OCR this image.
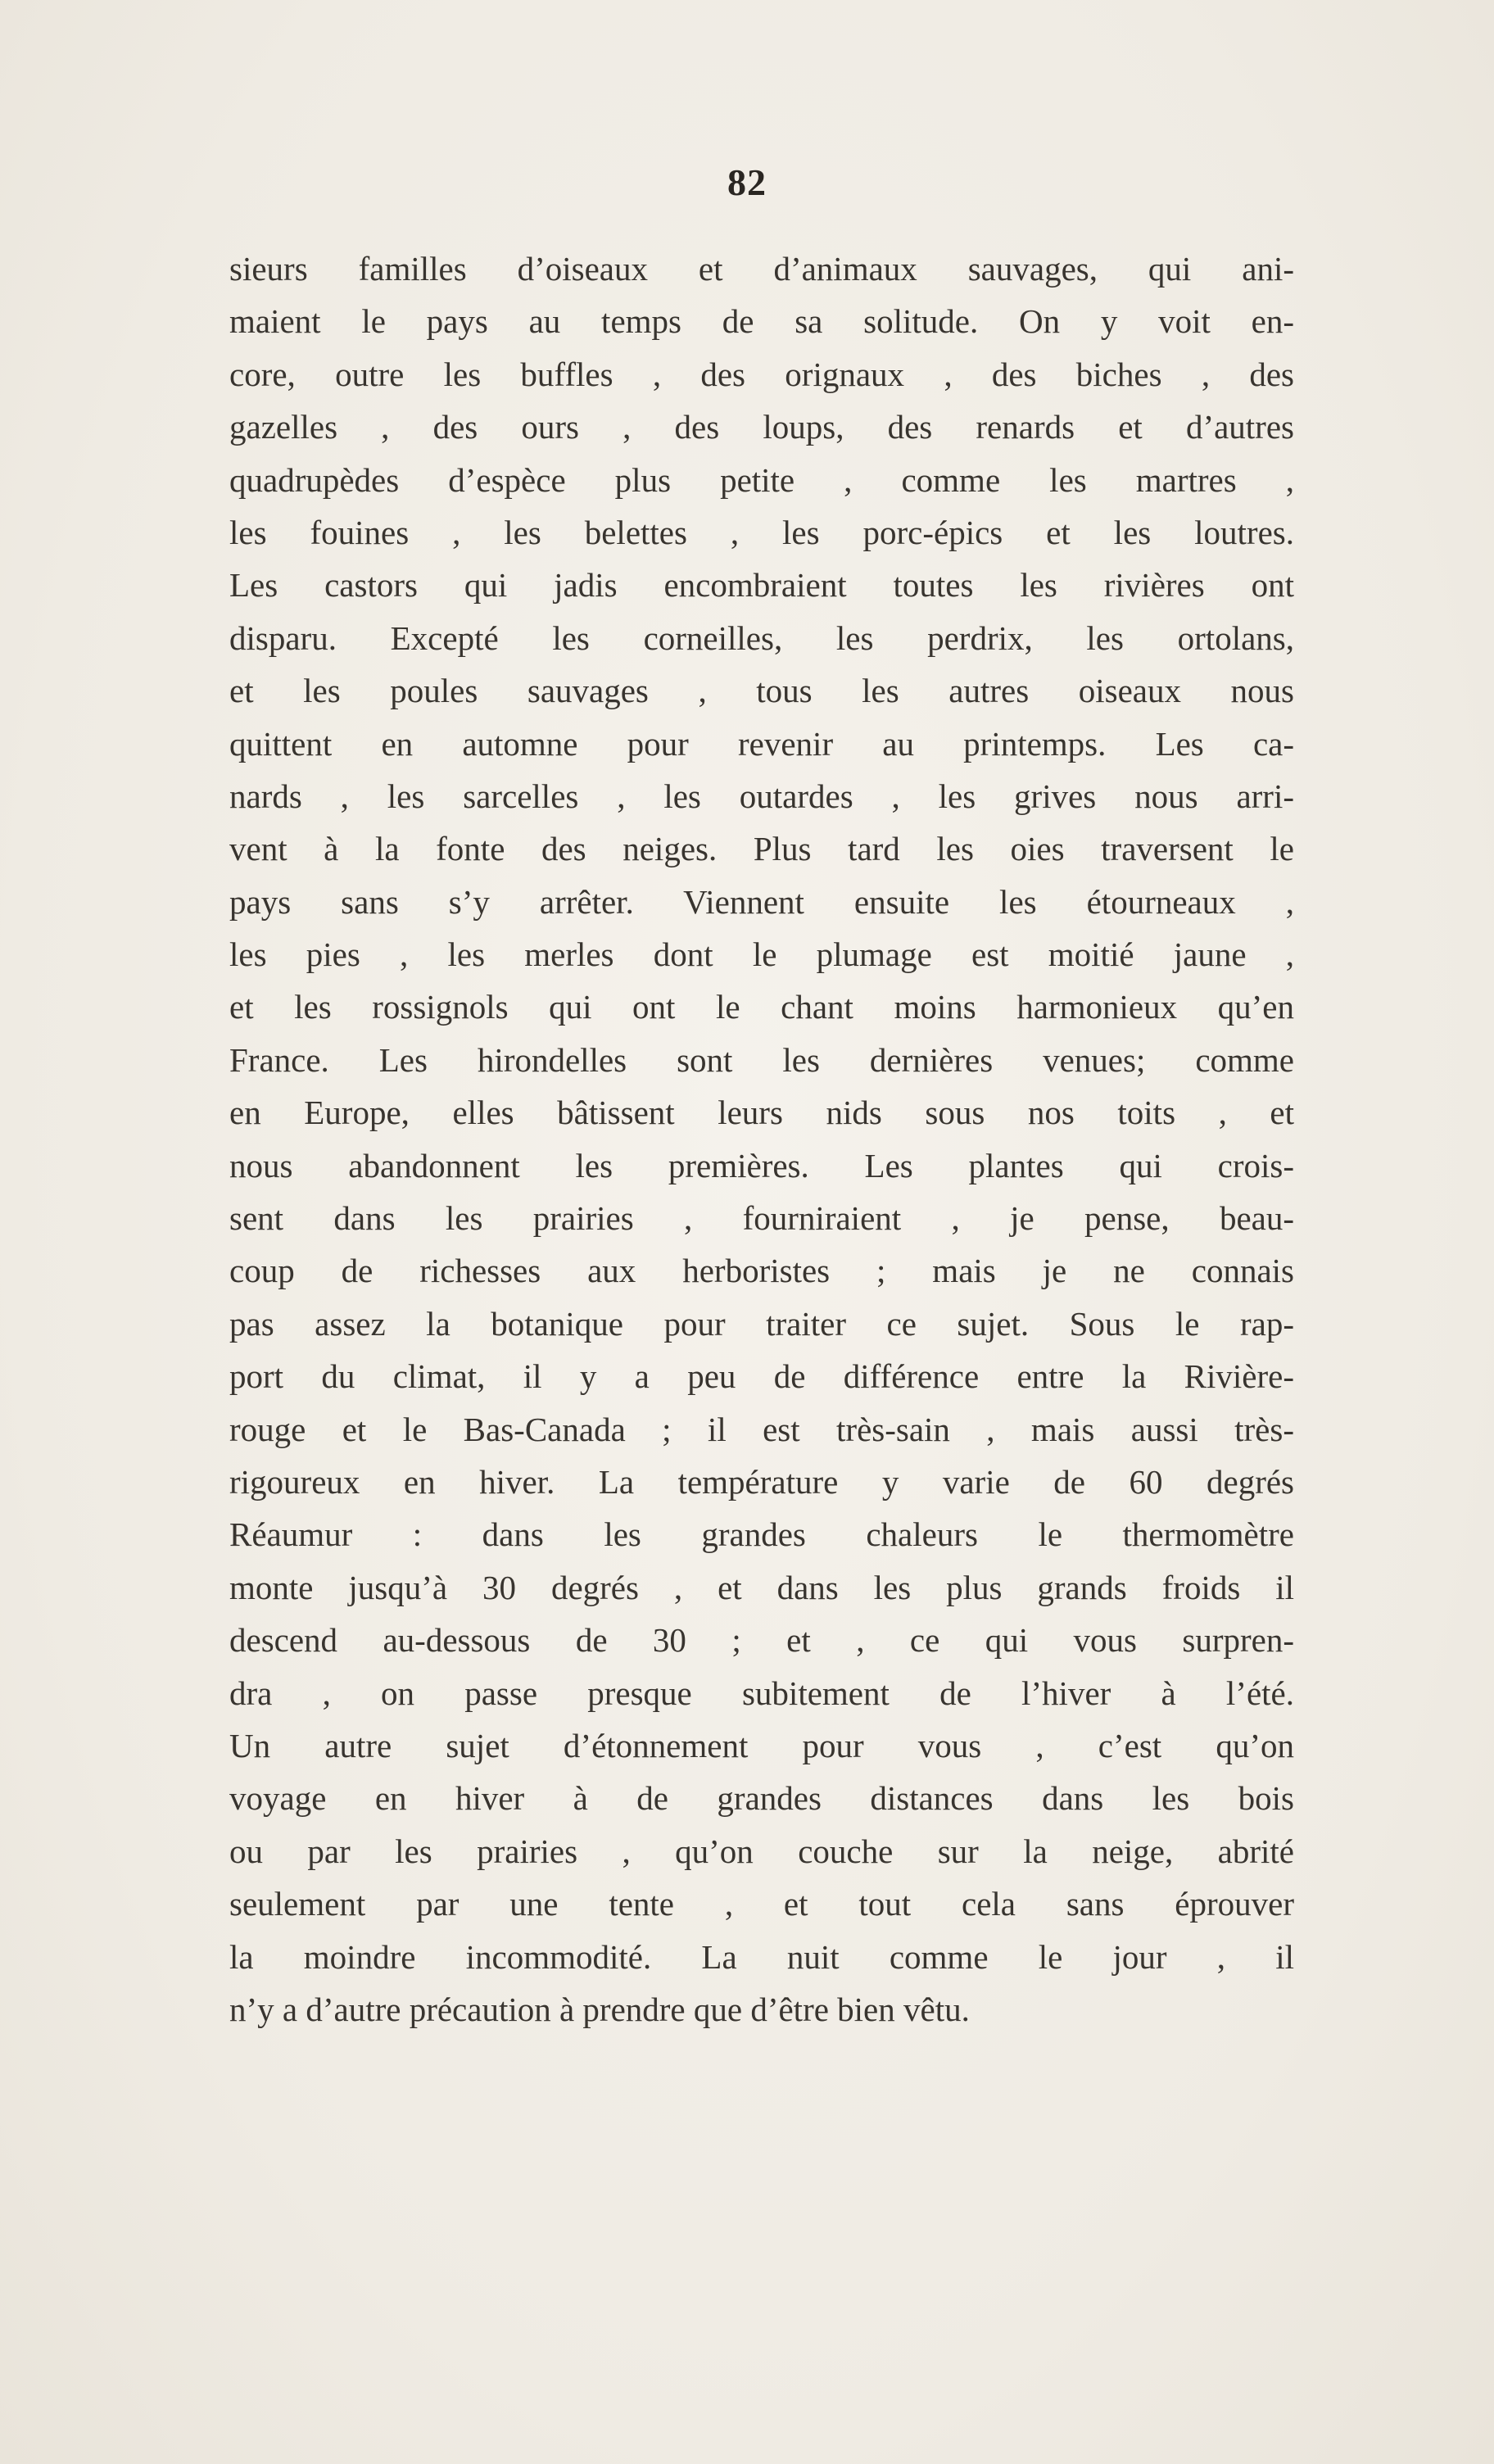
82
sieurs familles d’oiseaux et d’animaux sauvages, qui ani-
maient le pays au temps de sa solitude. On y voit en-
core, outre les buffles , des orignaux , des biches , des
gazelles , des ours , des loups, des renards et d’autres
quadrupèdes d’espèce plus petite , comme les martres ,
les fouines , les belettes , les porc-épics et les loutres.
Les castors qui jadis encombraient toutes les rivières ont
disparu. Excepté les corneilles, les perdrix, les ortolans,
et les poules sauvages , tous les autres oiseaux nous
quittent en automne pour revenir au printemps. Les ca-
nards , les sarcelles , les outardes , les grives nous arri-
vent à la fonte des neiges. Plus tard les oies traversent le
pays sans s’y arrêter. Viennent ensuite les étourneaux ,
les pies , les merles dont le plumage est moitié jaune ,
et les rossignols qui ont le chant moins harmonieux qu’en
France. Les hirondelles sont les dernières venues; comme
en Europe, elles bâtissent leurs nids sous nos toits , et
nous abandonnent les premières. Les plantes qui crois-
sent dans les prairies , fourniraient , je pense, beau-
coup de richesses aux herboristes ; mais je ne connais
pas assez la botanique pour traiter ce sujet. Sous le rap-
port du climat, il y a peu de différence entre la Rivière-
rouge et le Bas-Canada ; il est très-sain , mais aussi très-
rigoureux en hiver. La température y varie de 60 degrés
Réaumur : dans les grandes chaleurs le thermomètre
monte jusqu’à 30 degrés , et dans les plus grands froids il
descend au-dessous de 30 ; et , ce qui vous surpren-
dra , on passe presque subitement de l’hiver à l’été.
Un autre sujet d’étonnement pour vous , c’est qu’on
voyage en hiver à de grandes distances dans les bois
ou par les prairies , qu’on couche sur la neige, abrité
seulement par une tente , et tout cela sans éprouver
la moindre incommodité. La nuit comme le jour , il
n’y a d’autre précaution à prendre que d’être bien vêtu.
